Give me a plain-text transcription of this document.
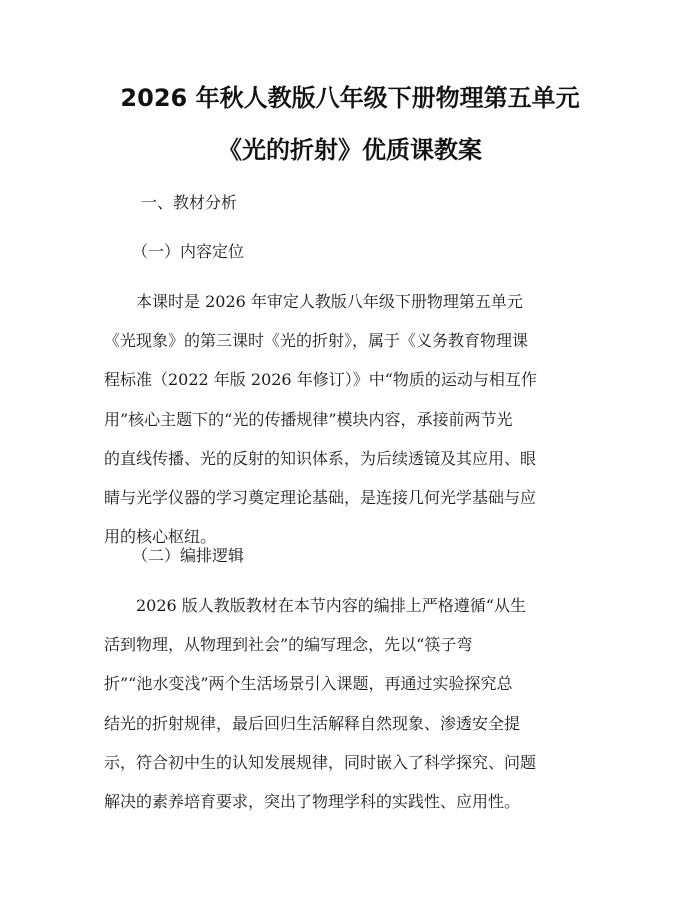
2026 年秋人教版八年级下册物理第五单元
《光的折射》优质课教案
一、教材分析
（一）内容定位
　　本课时是 2026 年审定人教版八年级下册物理第五单元
《光现象》的第三课时《光的折射》，属于《义务教育物理课
程标准（2022 年版 2026 年修订）》中“物质的运动与相互作
用”核心主题下的“光的传播规律”模块内容，承接前两节光
的直线传播、光的反射的知识体系，为后续透镜及其应用、眼
睛与光学仪器的学习奠定理论基础，是连接几何光学基础与应
用的核心枢纽。
（二）编排逻辑
　　2026 版人教版教材在本节内容的编排上严格遵循“从生
活到物理，从物理到社会”的编写理念，先以“筷子弯
折”“池水变浅”两个生活场景引入课题，再通过实验探究总
结光的折射规律，最后回归生活解释自然现象、渗透安全提
示，符合初中生的认知发展规律，同时嵌入了科学探究、问题
解决的素养培育要求，突出了物理学科的实践性、应用性。
